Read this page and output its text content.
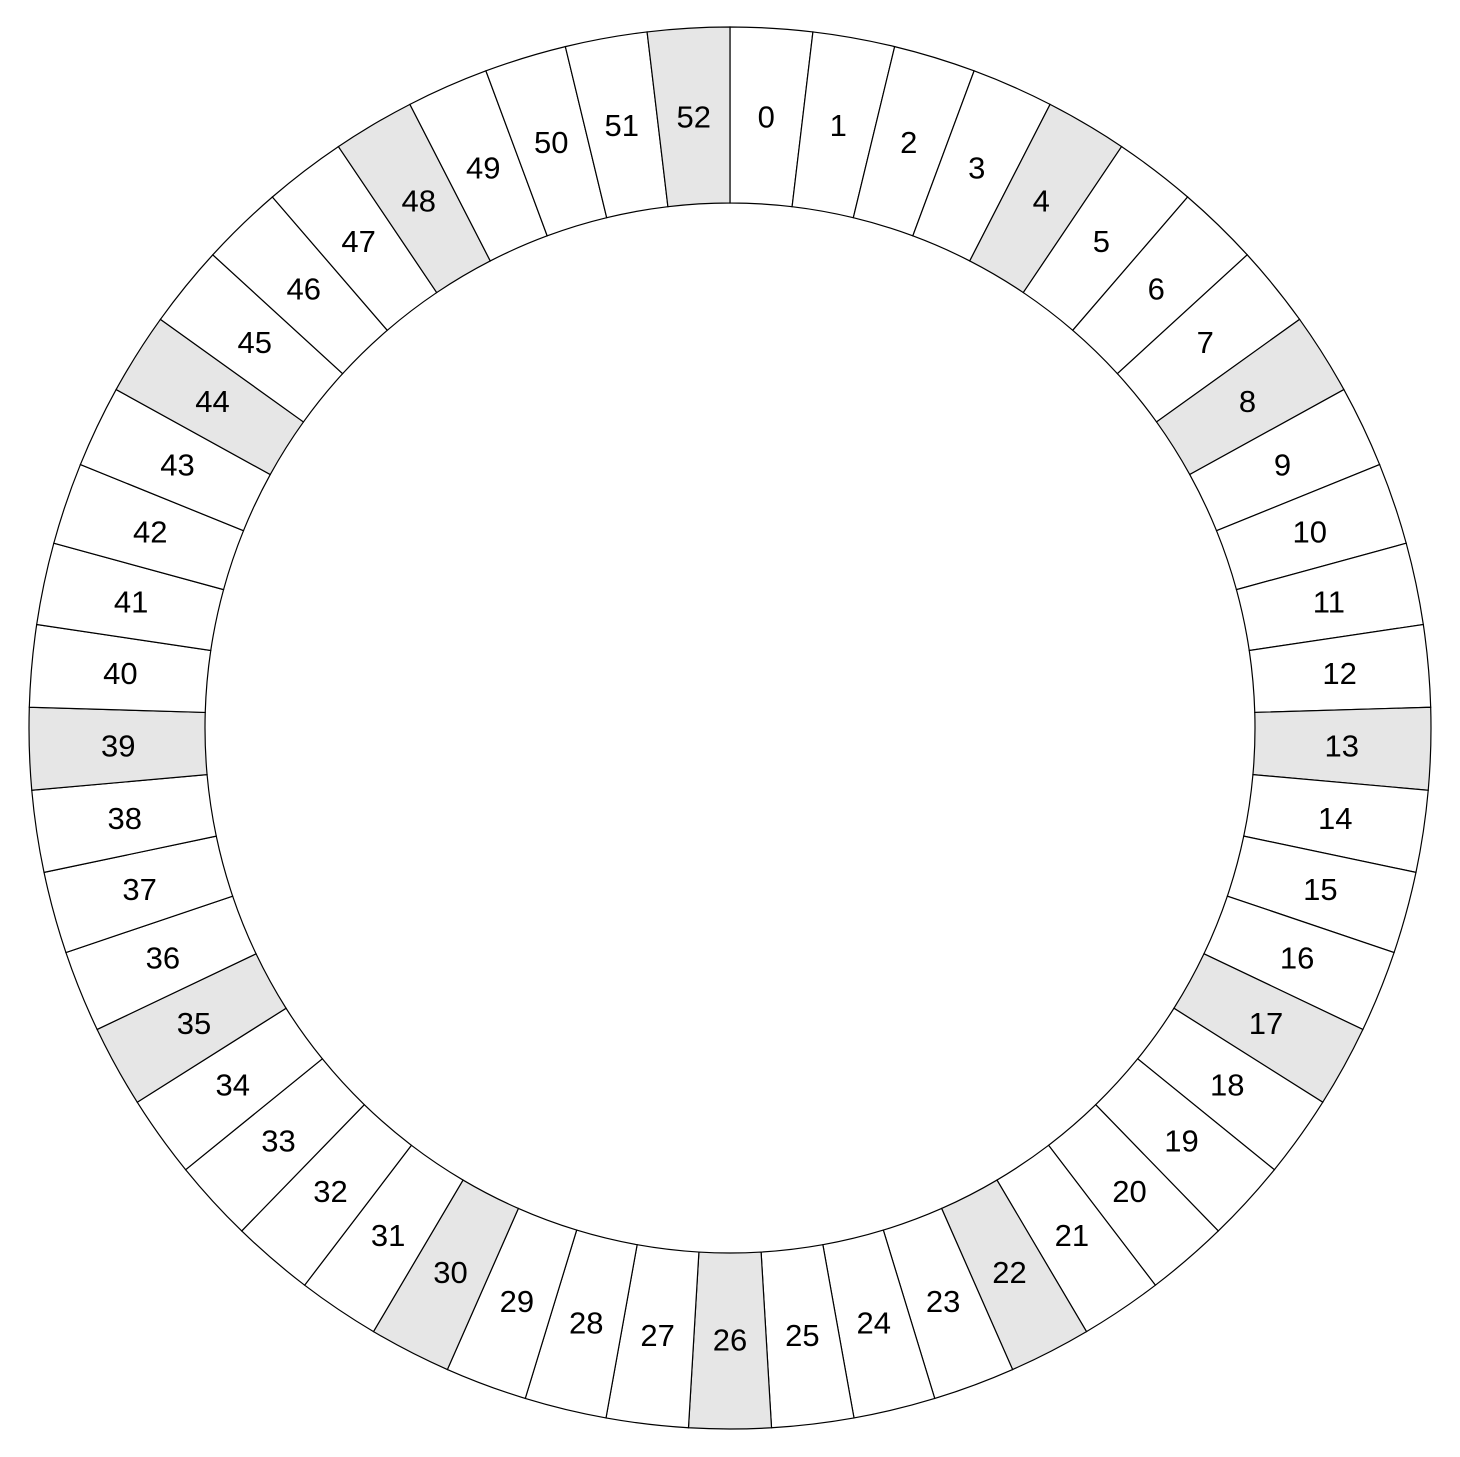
0 1 2
3
4
5
6
7
8
9
10
11
12
13
14
15
16
17
18
19
20
21
22
23
24
25
26
27
28
29
30
31
32
33
34
35
36
37
38
39
40
41
42
43
44
45
46
47
48
49
50 51 52
